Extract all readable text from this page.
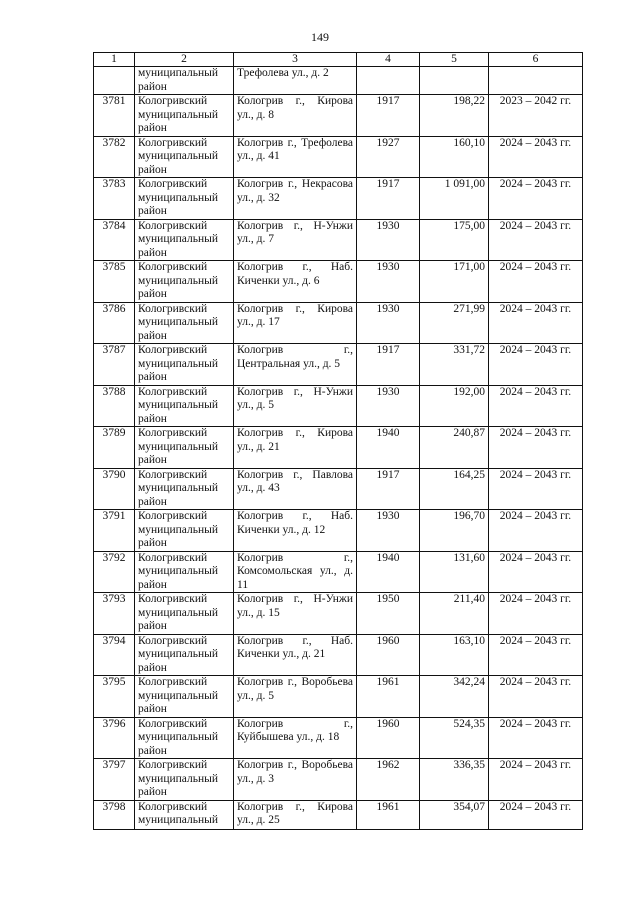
149
1	2	3	4	5	6
	муниципальный район	Трефолева ул., д. 2			
3781	Кологривский муниципальный район	Кологрив г., Кирова ул., д. 8	1917	198,22	2023 – 2042 гг.
3782	Кологривский муниципальный район	Кологрив г., Трефолева ул., д. 41	1927	160,10	2024 – 2043 гг.
3783	Кологривский муниципальный район	Кологрив г., Некрасова ул., д. 32	1917	1 091,00	2024 – 2043 гг.
3784	Кологривский муниципальный район	Кологрив г., Н-Унжи ул., д. 7	1930	175,00	2024 – 2043 гг.
3785	Кологривский муниципальный район	Кологрив г., Наб. Киченки ул., д. 6	1930	171,00	2024 – 2043 гг.
3786	Кологривский муниципальный район	Кологрив г., Кирова ул., д. 17	1930	271,99	2024 – 2043 гг.
3787	Кологривский муниципальный район	Кологрив г., Центральная ул., д. 5	1917	331,72	2024 – 2043 гг.
3788	Кологривский муниципальный район	Кологрив г., Н-Унжи ул., д. 5	1930	192,00	2024 – 2043 гг.
3789	Кологривский муниципальный район	Кологрив г., Кирова ул., д. 21	1940	240,87	2024 – 2043 гг.
3790	Кологривский муниципальный район	Кологрив г., Павлова ул., д. 43	1917	164,25	2024 – 2043 гг.
3791	Кологривский муниципальный район	Кологрив г., Наб. Киченки ул., д. 12	1930	196,70	2024 – 2043 гг.
3792	Кологривский муниципальный район	Кологрив г., Комсомольская ул., д. 11	1940	131,60	2024 – 2043 гг.
3793	Кологривский муниципальный район	Кологрив г., Н-Унжи ул., д. 15	1950	211,40	2024 – 2043 гг.
3794	Кологривский муниципальный район	Кологрив г., Наб. Киченки ул., д. 21	1960	163,10	2024 – 2043 гг.
3795	Кологривский муниципальный район	Кологрив г., Воробьева ул., д. 5	1961	342,24	2024 – 2043 гг.
3796	Кологривский муниципальный район	Кологрив г., Куйбышева ул., д. 18	1960	524,35	2024 – 2043 гг.
3797	Кологривский муниципальный район	Кологрив г., Воробьева ул., д. 3	1962	336,35	2024 – 2043 гг.
3798	Кологривский муниципальный	Кологрив г., Кирова ул., д. 25	1961	354,07	2024 – 2043 гг.
